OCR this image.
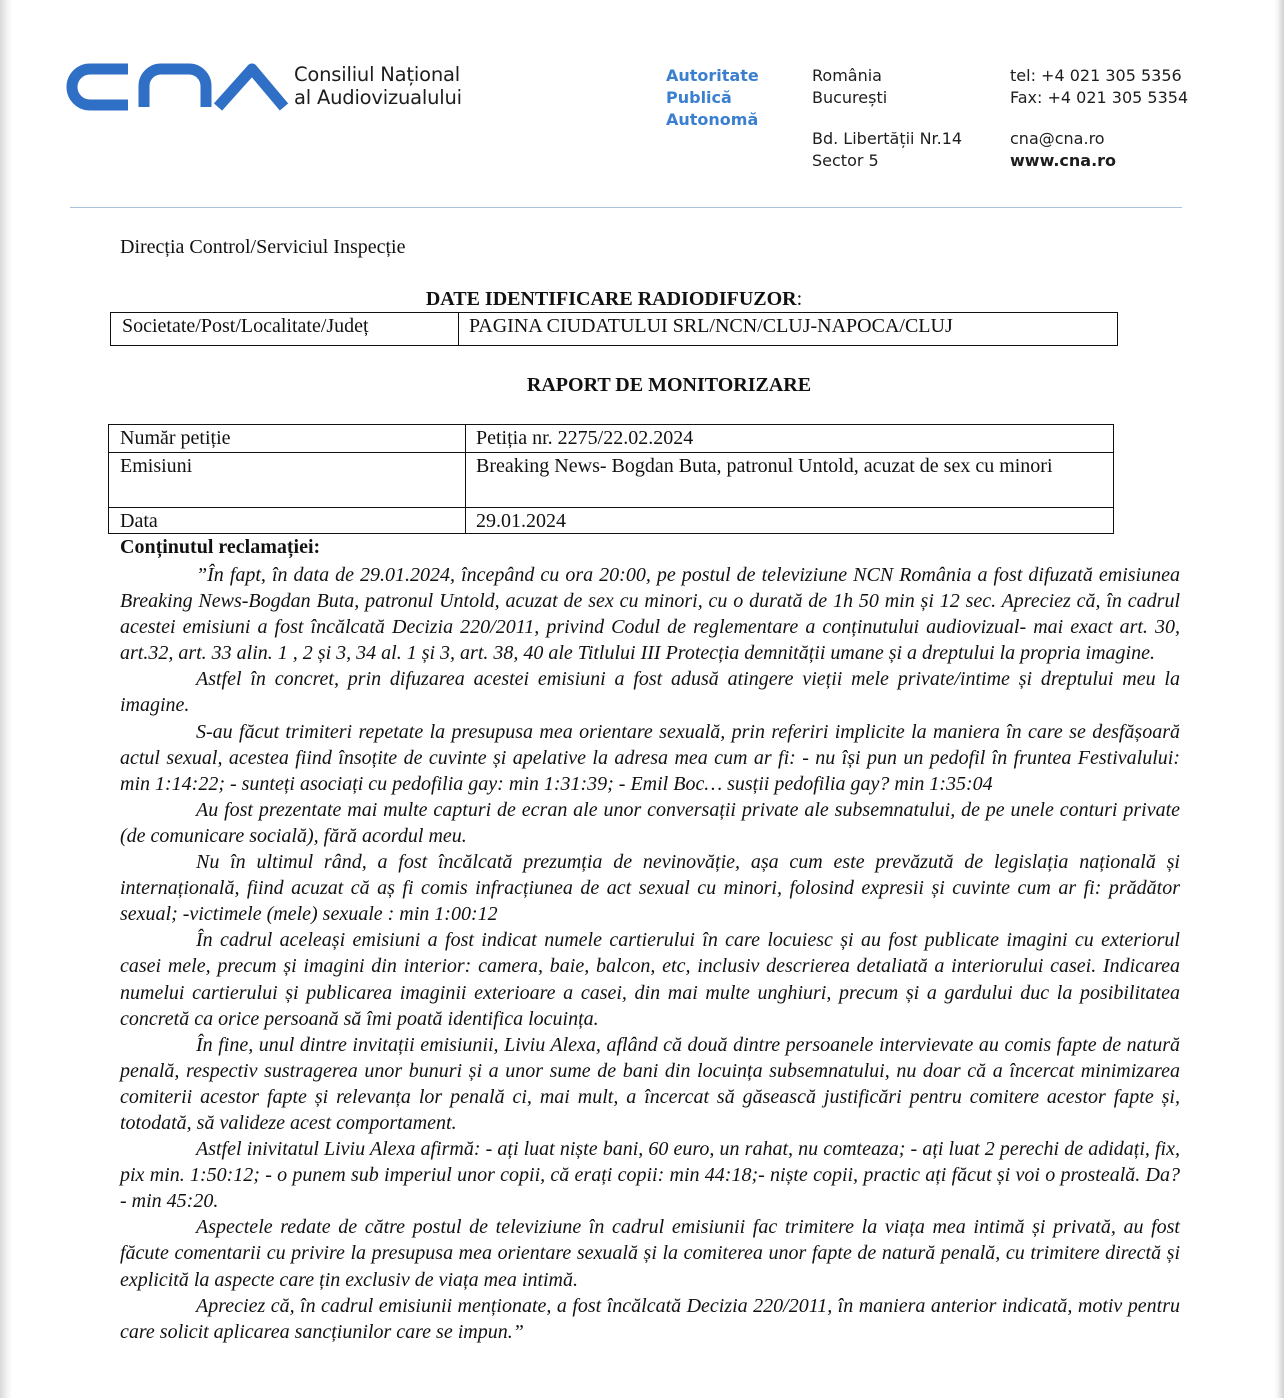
Consiliul Național
al Audiovizualului
Autoritate
Publică
Autonomă
România
București
Bd. Libertății Nr.14
Sector 5
tel: +4 021 305 5356
Fax: +4 021 305 5354
cna@cna.ro
www.cna.ro
Direcția Control/Serviciul Inspecție
DATE IDENTIFICARE RADIODIFUZOR:
Societate/Post/Localitate/Județ	PAGINA CIUDATULUI SRL/NCN/CLUJ-NAPOCA/CLUJ
RAPORT DE MONITORIZARE
Număr petiție	Petiția nr. 2275/22.02.2024
Emisiuni	Breaking News- Bogdan Buta, patronul Untold, acuzat de sex cu minori
Data	29.01.2024
Conținutul reclamației:

”În fapt, în data de 29.01.2024, începând cu ora 20:00, pe postul de televiziune NCN România a fost difuzată emisiunea Breaking News-Bogdan Buta, patronul Untold, acuzat de sex cu minori, cu o durată de 1h 50 min și 12 sec. Apreciez că, în cadrul acestei emisiuni a fost încălcată Decizia 220/2011, privind Codul de reglementare a conținutului audiovizual- mai exact art. 30, art.32, art. 33 alin. 1 , 2 și 3, 34 al. 1 și 3, art. 38, 40 ale Titlului III Protecția demnității umane și a dreptului la propria imagine.

Astfel în concret, prin difuzarea acestei emisiuni a fost adusă atingere vieții mele private/intime și dreptului meu la imagine.

S-au făcut trimiteri repetate la presupusa mea orientare sexuală, prin referiri implicite la maniera în care se desfășoară actul sexual, acestea fiind însoțite de cuvinte și apelative la adresa mea cum ar fi: - nu își pun un pedofil în fruntea Festivalului: min 1:14:22; - sunteți asociați cu pedofilia gay: min 1:31:39; - Emil Boc… susții pedofilia gay? min 1:35:04

Au fost prezentate mai multe capturi de ecran ale unor conversații private ale subsemnatului, de pe unele conturi private (de comunicare socială), fără acordul meu.

Nu în ultimul rând, a fost încălcată prezumția de nevinovăție, așa cum este prevăzută de legislația națională și internațională, fiind acuzat că aș fi comis infracțiunea de act sexual cu minori, folosind expresii și cuvinte cum ar fi: prădător sexual; -victimele (mele) sexuale : min 1:00:12

În cadrul aceleași emisiuni a fost indicat numele cartierului în care locuiesc și au fost publicate imagini cu exteriorul casei mele, precum și imagini din interior: camera, baie, balcon, etc, inclusiv descrierea detaliată a interiorului casei. Indicarea numelui cartierului și publicarea imaginii exterioare a casei, din mai multe unghiuri, precum și a gardului duc la posibilitatea concretă ca orice persoană să îmi poată identifica locuința.

În fine, unul dintre invitații emisiunii, Liviu Alexa, aflând că două dintre persoanele intervievate au comis fapte de natură penală, respectiv sustragerea unor bunuri și a unor sume de bani din locuința subsemnatului, nu doar că a încercat minimizarea comiterii acestor fapte și relevanța lor penală ci, mai mult, a încercat să găsească justificări pentru comitere acestor fapte și, totodată, să valideze acest comportament.

Astfel inivitatul Liviu Alexa afirmă: - ați luat niște bani, 60 euro, un rahat, nu comteaza; - ați luat 2 perechi de adidați, fix, pix min. 1:50:12; - o punem sub imperiul unor copii, că erați copii: min 44:18;- niște copii, practic ați făcut și voi o prosteală. Da?- min 45:20.

Aspectele redate de către postul de televiziune în cadrul emisiunii fac trimitere la viața mea intimă și privată, au fost făcute comentarii cu privire la presupusa mea orientare sexuală și la comiterea unor fapte de natură penală, cu trimitere directă și explicită la aspecte care țin exclusiv de viața mea intimă.

Apreciez că, în cadrul emisiunii menționate, a fost încălcată Decizia 220/2011, în maniera anterior indicată, motiv pentru care solicit aplicarea sancțiunilor care se impun.”
